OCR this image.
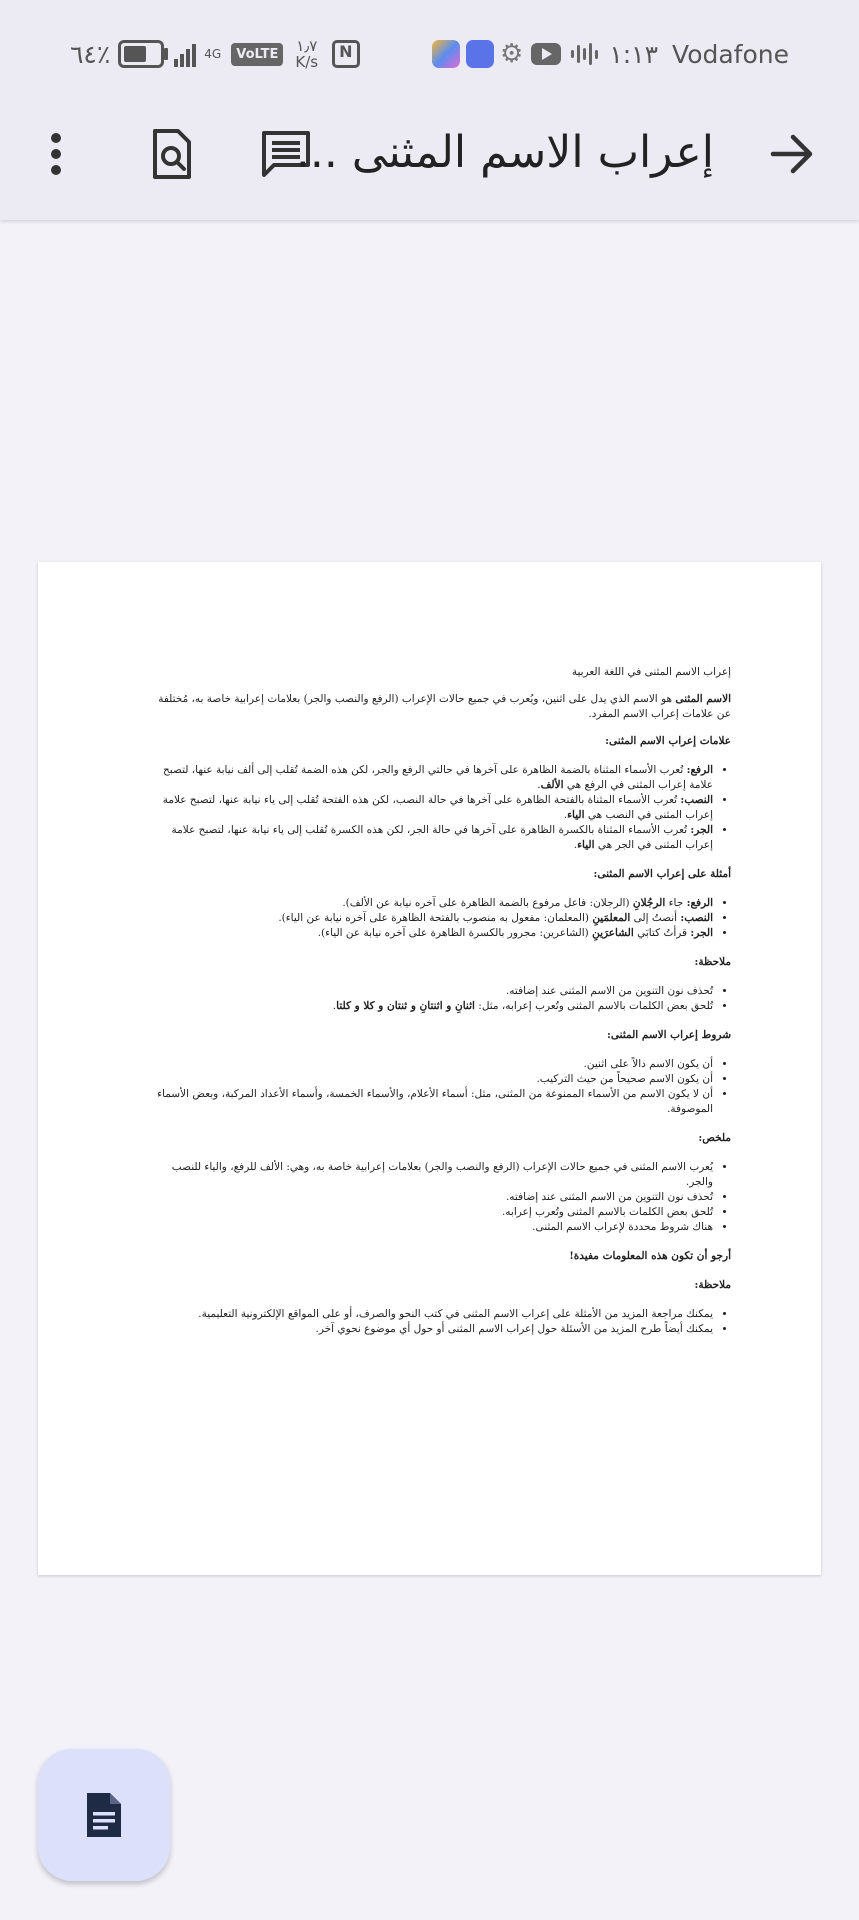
٦٤٪	4G	VoLTE	١٫٧
K/s
N	⚙	١:١٣ Vodafone
إعراب الاسم المثنى ...

إعراب الاسم المثنى في اللغة العربية

الاسم المثنى هو الاسم الذي يدل على اثنين، ويُعرب في جميع حالات الإعراب (الرفع والنصب والجر) بعلامات إعرابية خاصة به، مُختلفة عن علامات إعراب الاسم المفرد.

علامات إعراب الاسم المثنى:

• الرفع: تُعرب الأسماء المثناة بالضمة الظاهرة على آخرها في حالتي الرفع والجر، لكن هذه الضمة تُقلب إلى ألف نيابة عنها، لتصبح علامة إعراب المثنى في الرفع هي الألف.
• النصب: تُعرب الأسماء المثناة بالفتحة الظاهرة على آخرها في حالة النصب، لكن هذه الفتحة تُقلب إلى ياء نيابة عنها، لتصبح علامة إعراب المثنى في النصب هي الياء.
• الجر: تُعرب الأسماء المثناة بالكسرة الظاهرة على آخرها في حالة الجر، لكن هذه الكسرة تُقلب إلى ياء نيابة عنها، لتصبح علامة إعراب المثنى في الجر هي الياء.

أمثلة على إعراب الاسم المثنى:

• الرفع: جاء الرجُلانِ (الرجلان: فاعل مرفوع بالضمة الظاهرة على آخره نيابة عن الألف).
• النصب: أنصتُ إلى المعلمَينِ (المعلمان: مفعول به منصوب بالفتحة الظاهرة على آخره نيابة عن الياء).
• الجر: قرأتُ كتابَي الشاعرَينِ (الشاعرين: مجرور بالكسرة الظاهرة على آخره نيابة عن الياء).

ملاحظة:

• تُحذف نون التنوين من الاسم المثنى عند إضافته.
• تُلحق بعض الكلمات بالاسم المثنى وتُعرب إعرابه، مثل: اثنانِ و اثنتانِ و ثنتان و كلا و كلتا.

شروط إعراب الاسم المثنى:

• أن يكون الاسم دالاً على اثنين.
• أن يكون الاسم صحيحاً من حيث التركيب.
• أن لا يكون الاسم من الأسماء الممنوعة من المثنى، مثل: أسماء الأعلام، والأسماء الخمسة، وأسماء الأعداد المركبة، وبعض الأسماء الموصوفة.

ملخص:

• يُعرب الاسم المثنى في جميع حالات الإعراب (الرفع والنصب والجر) بعلامات إعرابية خاصة به، وهي: الألف للرفع، والياء للنصب والجر.
• تُحذف نون التنوين من الاسم المثنى عند إضافته.
• تُلحق بعض الكلمات بالاسم المثنى وتُعرب إعرابه.
• هناك شروط محددة لإعراب الاسم المثنى.

أرجو أن تكون هذه المعلومات مفيدة!

ملاحظة:

• يمكنك مراجعة المزيد من الأمثلة على إعراب الاسم المثنى في كتب النحو والصرف، أو على المواقع الإلكترونية التعليمية.
• يمكنك أيضاً طرح المزيد من الأسئلة حول إعراب الاسم المثنى أو حول أي موضوع نحوي آخر.
